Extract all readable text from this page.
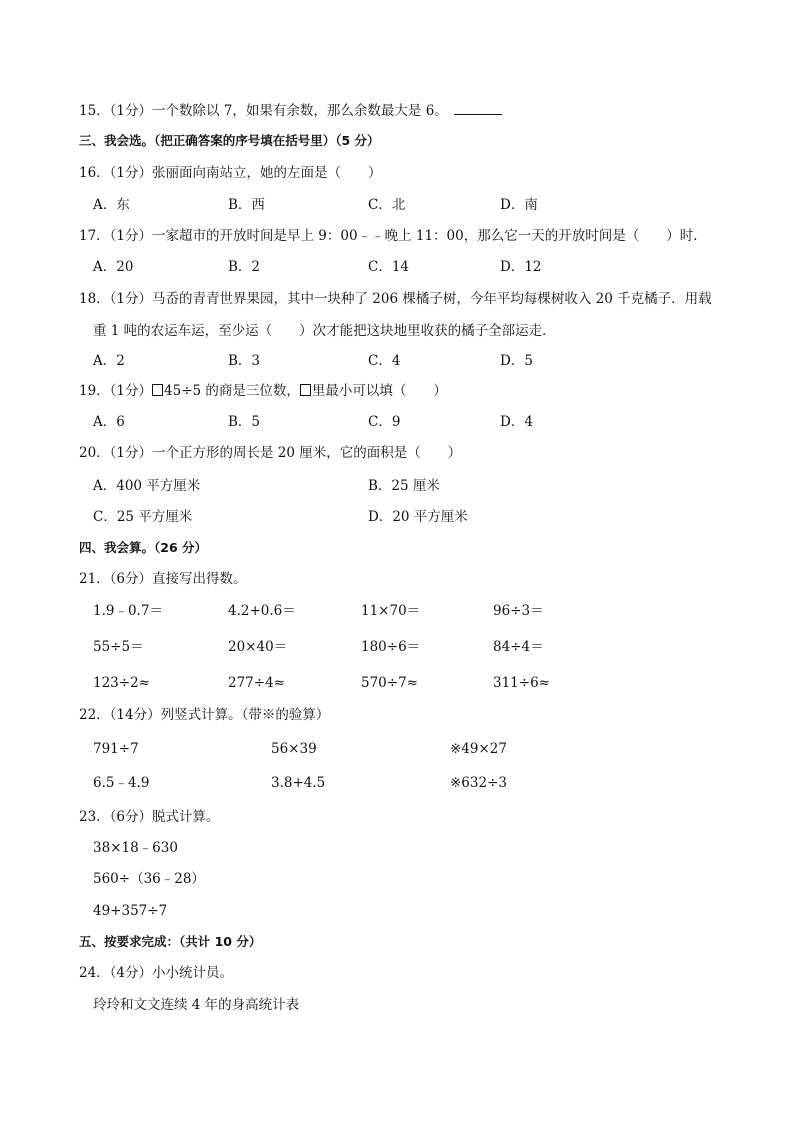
15．（1分）一个数除以 7，如果有余数，那么余数最大是 6。
三、我会选。（把正确答案的序号填在括号里）（5 分）
16．（1分）张丽面向南站立，她的左面是（　　）
A．东	B．西	C．北	D．南
17．（1分）一家超市的开放时间是早上 9：00﹣﹣晚上 11：00，那么它一天的开放时间是（　　）时．
A．20	B．2	C．14	D．12
18．（1分）马岙的青青世界果园，其中一块种了 206 棵橘子树，今年平均每棵树收入 20 千克橘子．用载
重 1 吨的农运车运，至少运（　　）次才能把这块地里收获的橘子全部运走．
A．2	B．3	C．4	D．5
19．（1分） 45÷5 的商是三位数， 里最小可以填（　　）
A．6	B．5	C．9	D．4
20．（1分）一个正方形的周长是 20 厘米，它的面积是（　　）
A．400 平方厘米	B．25 厘米
C．25 平方厘米	D．20 平方厘米
四、我会算。（26 分）
21．（6分）直接写出得数。
1.9﹣0.7＝	4.2+0.6＝	11×70＝	96÷3＝
55÷5＝	20×40＝	180÷6＝	84÷4＝
123÷2≈	277÷4≈	570÷7≈	311÷6≈
22．（14分）列竖式计算。（带※的验算）
791÷7	56×39	※49×27
6.5﹣4.9	3.8+4.5	※632÷3
23．（6分）脱式计算。
38×18﹣630
560÷（36﹣28）
49+357÷7
五、按要求完成：（共计 10 分）
24．（4分）小小统计员。
玲玲和文文连续 4 年的身高统计表
